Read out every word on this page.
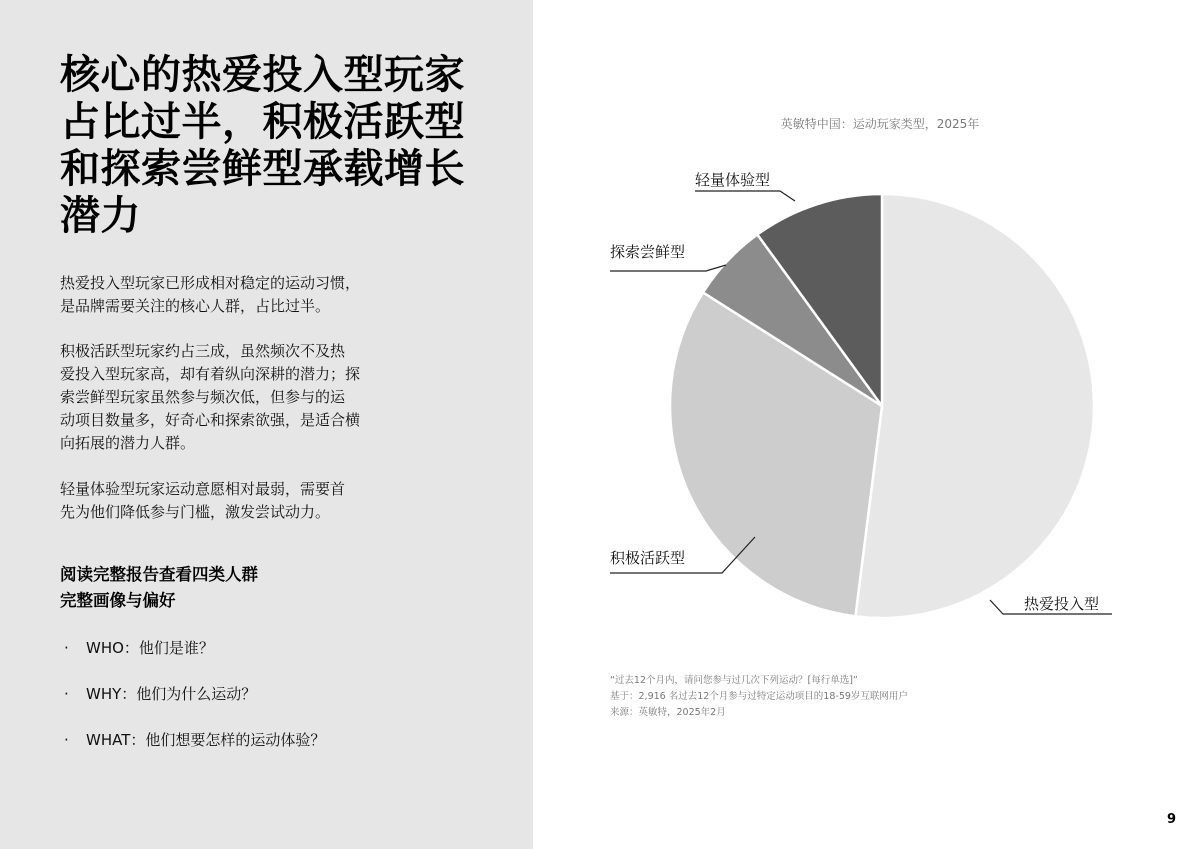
核心的热爱投入型玩家
占比过半，积极活跃型
和探索尝鲜型承载增长
潜力
热爱投入型玩家已形成相对稳定的运动习惯，
是品牌需要关注的核心人群，占比过半。
积极活跃型玩家约占三成，虽然频次不及热
爱投入型玩家高，却有着纵向深耕的潜力；探
索尝鲜型玩家虽然参与频次低，但参与的运
动项目数量多，好奇心和探索欲强，是适合横
向拓展的潜力人群。
轻量体验型玩家运动意愿相对最弱，需要首
先为他们降低参与门槛，激发尝试动力。
阅读完整报告查看四类人群
完整画像与偏好
· WHO：他们是谁？
· WHY：他们为什么运动？
· WHAT：他们想要怎样的运动体验？
英敏特中国：运动玩家类型，2025年
热爱投入型
积极活跃型
探索尝鲜型
轻量体验型
“过去12个月内，请问您参与过几次下列运动？[每行单选]”
基于：2,916 名过去12个月参与过特定运动项目的18-59岁互联网用户
来源：英敏特，2025年2月
9
